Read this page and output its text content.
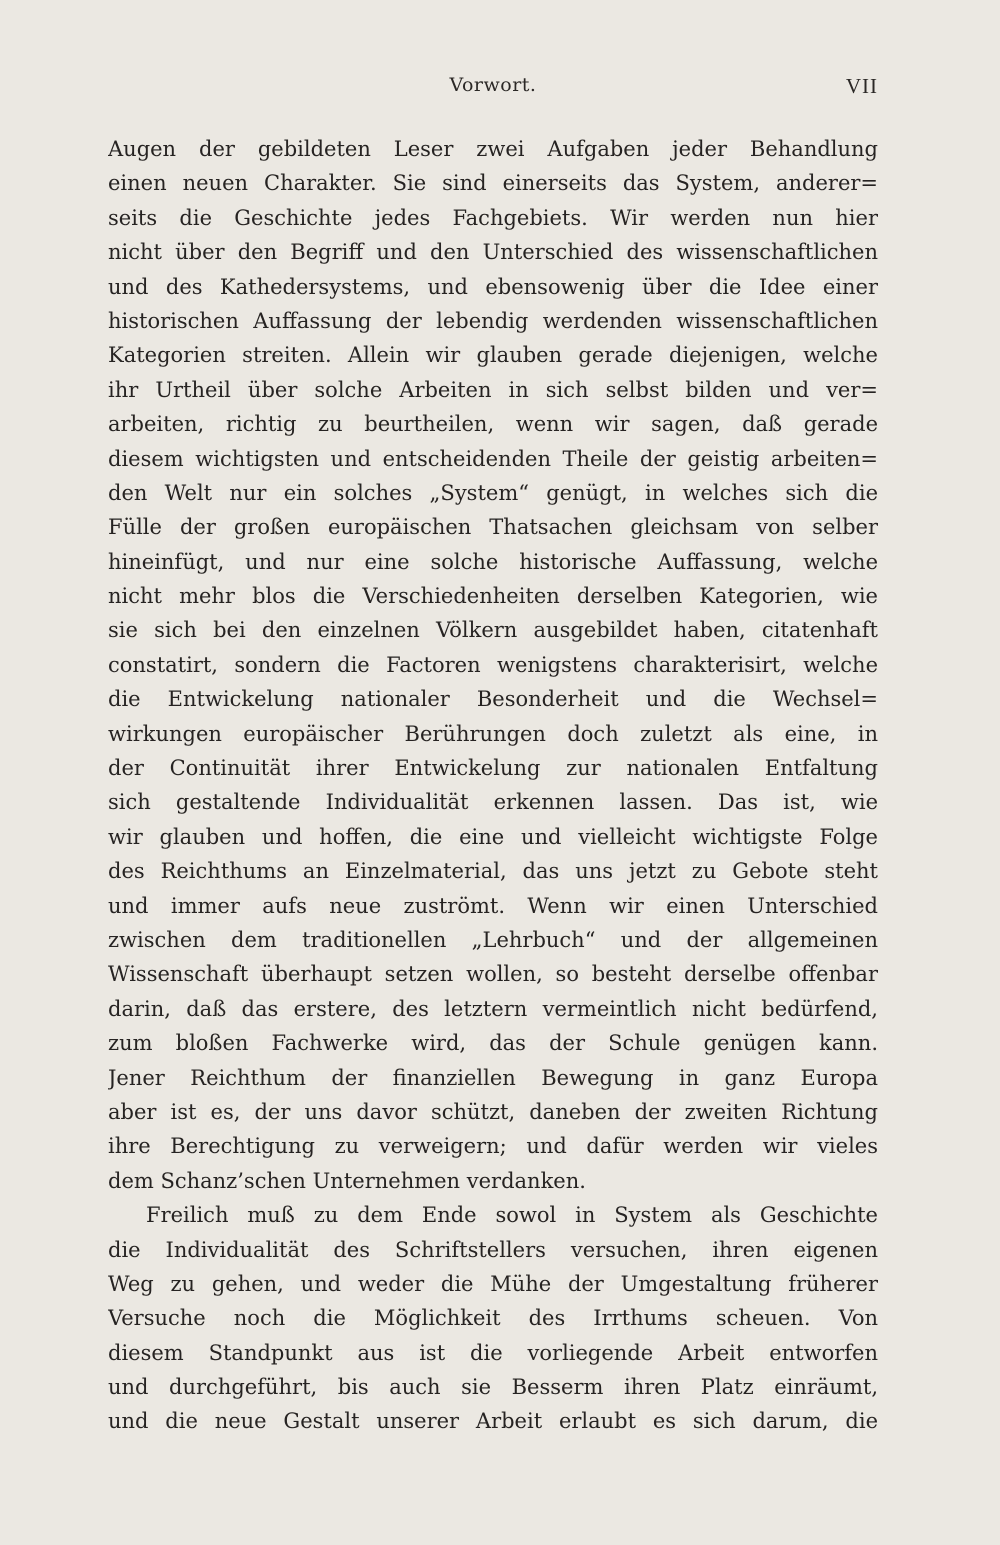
Vorwort.	VII
Augen der gebildeten Leser zwei Aufgaben jeder Behandlung
einen neuen Charakter. Sie sind einerseits das System, anderer=
seits die Geschichte jedes Fachgebiets. Wir werden nun hier
nicht über den Begriff und den Unterschied des wissenschaftlichen
und des Kathedersystems, und ebensowenig über die Idee einer
historischen Auffassung der lebendig werdenden wissenschaftlichen
Kategorien streiten. Allein wir glauben gerade diejenigen, welche
ihr Urtheil über solche Arbeiten in sich selbst bilden und ver=
arbeiten, richtig zu beurtheilen, wenn wir sagen, daß gerade
diesem wichtigsten und entscheidenden Theile der geistig arbeiten=
den Welt nur ein solches „System“ genügt, in welches sich die
Fülle der großen europäischen Thatsachen gleichsam von selber
hineinfügt, und nur eine solche historische Auffassung, welche
nicht mehr blos die Verschiedenheiten derselben Kategorien, wie
sie sich bei den einzelnen Völkern ausgebildet haben, citatenhaft
constatirt, sondern die Factoren wenigstens charakterisirt, welche
die Entwickelung nationaler Besonderheit und die Wechsel=
wirkungen europäischer Berührungen doch zuletzt als eine, in
der Continuität ihrer Entwickelung zur nationalen Entfaltung
sich gestaltende Individualität erkennen lassen. Das ist, wie
wir glauben und hoffen, die eine und vielleicht wichtigste Folge
des Reichthums an Einzelmaterial, das uns jetzt zu Gebote steht
und immer aufs neue zuströmt. Wenn wir einen Unterschied
zwischen dem traditionellen „Lehrbuch“ und der allgemeinen
Wissenschaft überhaupt setzen wollen, so besteht derselbe offenbar
darin, daß das erstere, des letztern vermeintlich nicht bedürfend,
zum bloßen Fachwerke wird, das der Schule genügen kann.
Jener Reichthum der finanziellen Bewegung in ganz Europa
aber ist es, der uns davor schützt, daneben der zweiten Richtung
ihre Berechtigung zu verweigern; und dafür werden wir vieles
dem Schanz’schen Unternehmen verdanken.
Freilich muß zu dem Ende sowol in System als Geschichte
die Individualität des Schriftstellers versuchen, ihren eigenen
Weg zu gehen, und weder die Mühe der Umgestaltung früherer
Versuche noch die Möglichkeit des Irrthums scheuen. Von
diesem Standpunkt aus ist die vorliegende Arbeit entworfen
und durchgeführt, bis auch sie Besserm ihren Platz einräumt,
und die neue Gestalt unserer Arbeit erlaubt es sich darum, die
